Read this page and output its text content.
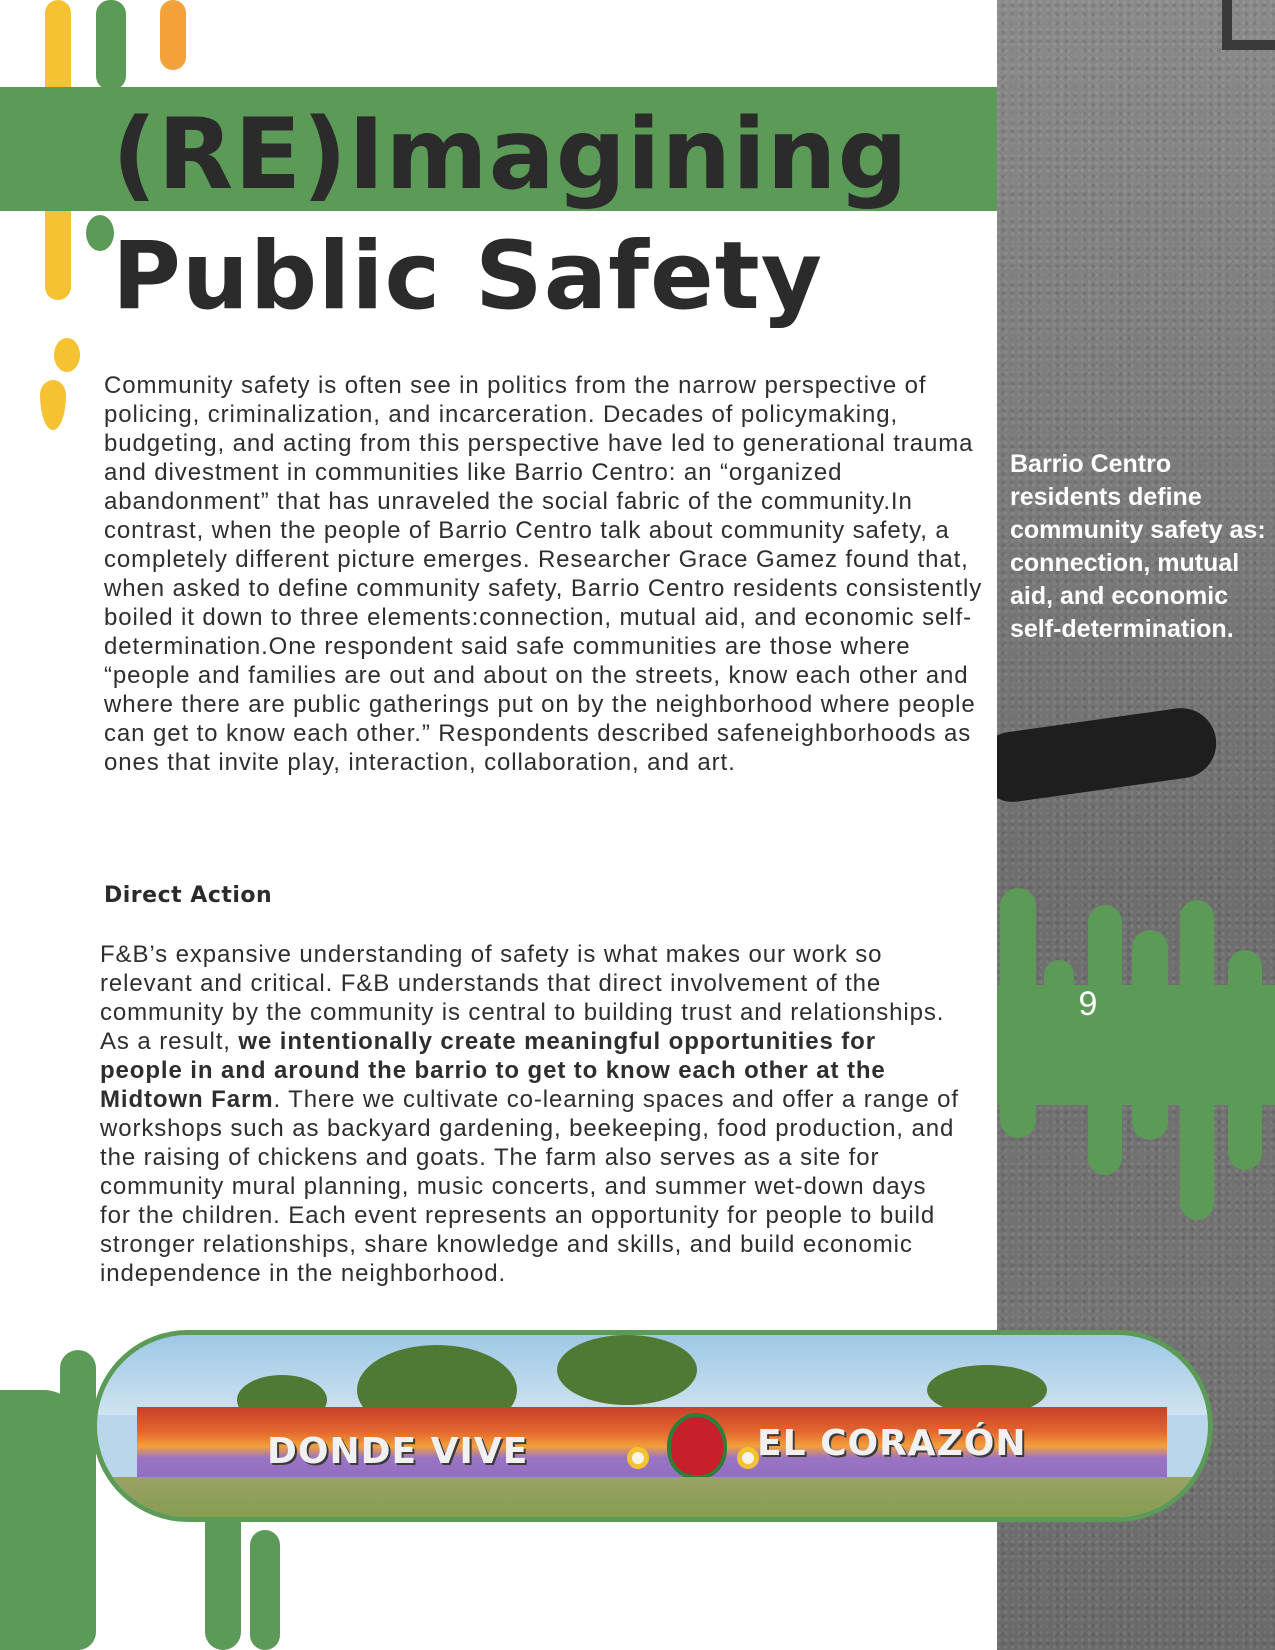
Barrio Centro residents define community safety as: connection, mutual aid, and economic self-determination.
9
(RE)Imagining
Public Safety

Community safety is often see in politics from the narrow perspective of policing, criminalization, and incarceration. Decades of policymaking, budgeting, and acting from this perspective have led to generational trauma and divestment in communities like Barrio Centro: an “organized abandonment” that has unraveled the social fabric of the community.In contrast, when the people of Barrio Centro talk about community safety, a completely different picture emerges. Researcher Grace Gamez found that, when asked to define community safety, Barrio Centro residents consistently boiled it down to three elements:connection, mutual aid, and economic self-determination.One respondent said safe communities are those where “people and families are out and about on the streets, know each other and where there are public gatherings put on by the neighborhood where people can get to know each other.” Respondents described safeneighborhoods as ones that invite play, interaction, collaboration, and art.

Direct Action

F&B’s expansive understanding of safety is what makes our work so relevant and critical. F&B understands that direct involvement of the community by the community is central to building trust and relationships. As a result, we intentionally create meaningful opportunities for people in and around the barrio to get to know each other at the Midtown Farm. There we cultivate co-learning spaces and offer a range of workshops such as backyard gardening, beekeeping, food production, and the raising of chickens and goats. The farm also serves as a site for community mural planning, music concerts, and summer wet-down days for the children. Each event represents an opportunity for people to build stronger relationships, share knowledge and skills, and build economic independence in the neighborhood.

DONDE VIVE	EL CORAZÓN
